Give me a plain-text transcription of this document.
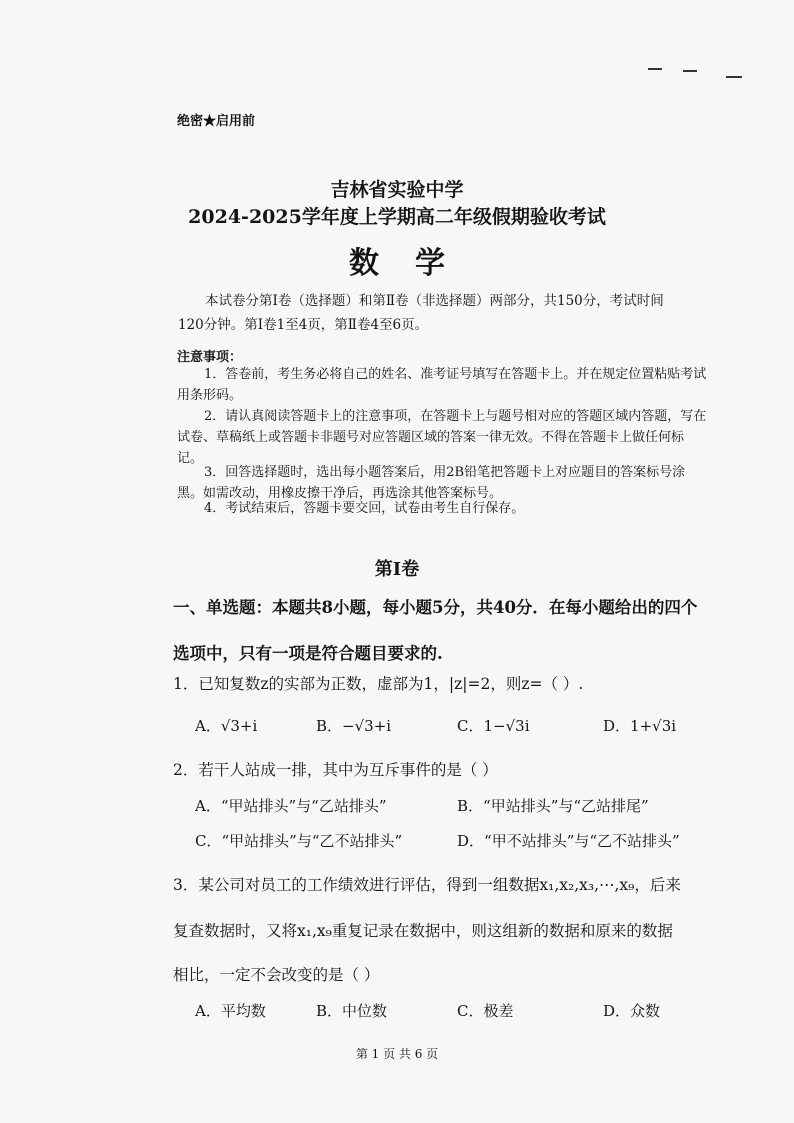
绝密★启用前
吉林省实验中学
2024-2025学年度上学期高二年级假期验收考试
数学
本试卷分第Ⅰ卷（选择题）和第Ⅱ卷（非选择题）两部分，共150分，考试时间
120分钟。第Ⅰ卷1至4页，第Ⅱ卷4至6页。
注意事项：
1．答卷前，考生务必将自己的姓名、准考证号填写在答题卡上。并在规定位置粘贴考试用条形码。
2．请认真阅读答题卡上的注意事项，在答题卡上与题号相对应的答题区域内答题，写在试卷、草稿纸上或答题卡非题号对应答题区域的答案一律无效。不得在答题卡上做任何标记。
3．回答选择题时，选出每小题答案后，用2B铅笔把答题卡上对应题目的答案标号涂黑。如需改动，用橡皮擦干净后，再选涂其他答案标号。
4．考试结束后，答题卡要交回，试卷由考生自行保存。
第Ⅰ卷
一、单选题：本题共8小题，每小题5分，共40分．在每小题给出的四个
选项中，只有一项是符合题目要求的.
1．已知复数z的实部为正数，虚部为1，|z|=2，则z=（ ）.
A．√3+i	B．−√3+i	C．1−√3i	D．1+√3i
2．若干人站成一排，其中为互斥事件的是（ ）
A．“甲站排头”与“乙站排头”	B．“甲站排头”与“乙站排尾”
C．“甲站排头”与“乙不站排头”	D．“甲不站排头”与“乙不站排头”
3．某公司对员工的工作绩效进行评估，得到一组数据x₁,x₂,x₃,⋯,x₉，后来
复查数据时，又将x₁,x₉重复记录在数据中，则这组新的数据和原来的数据
相比，一定不会改变的是（ ）
A．平均数	B．中位数	C．极差	D．众数
第 1 页 共 6 页
